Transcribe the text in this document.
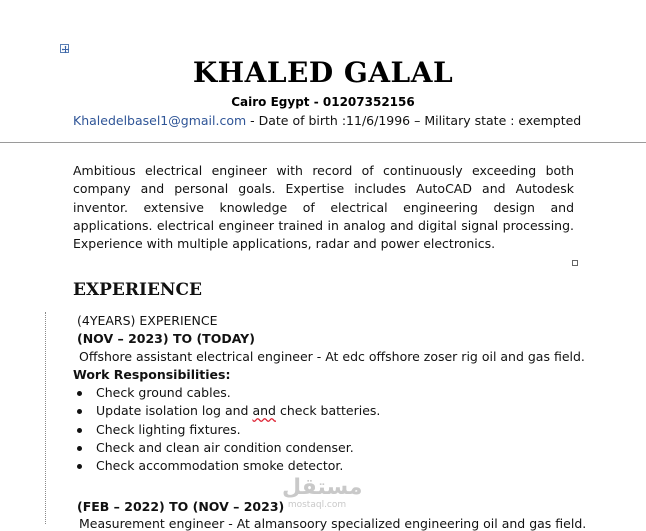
KHALED GALAL
Cairo Egypt - 01207352156
Khaledelbasel1@gmail.com - Date of birth :11/6/1996 – Military state : exempted
Ambitious electrical engineer with record of continuously exceeding both company and personal goals. Expertise includes AutoCAD and Autodesk inventor. extensive knowledge of electrical engineering design and applications. electrical engineer trained in analog and digital signal processing. Experience with multiple applications, radar and power electronics.
EXPERIENCE
(4YEARS) EXPERIENCE
(NOV – 2023) TO (TODAY)
Offshore assistant electrical engineer - At edc offshore zoser rig oil and gas field.
Work Responsibilities:
Check ground cables.
Update isolation log and and check batteries.
Check lighting fixtures.
Check and clean air condition condenser.
Check accommodation smoke detector.
(FEB – 2022) TO (NOV – 2023)
Measurement engineer - At almansoory specialized engineering oil and gas field.
مستقل
mostaql.com
